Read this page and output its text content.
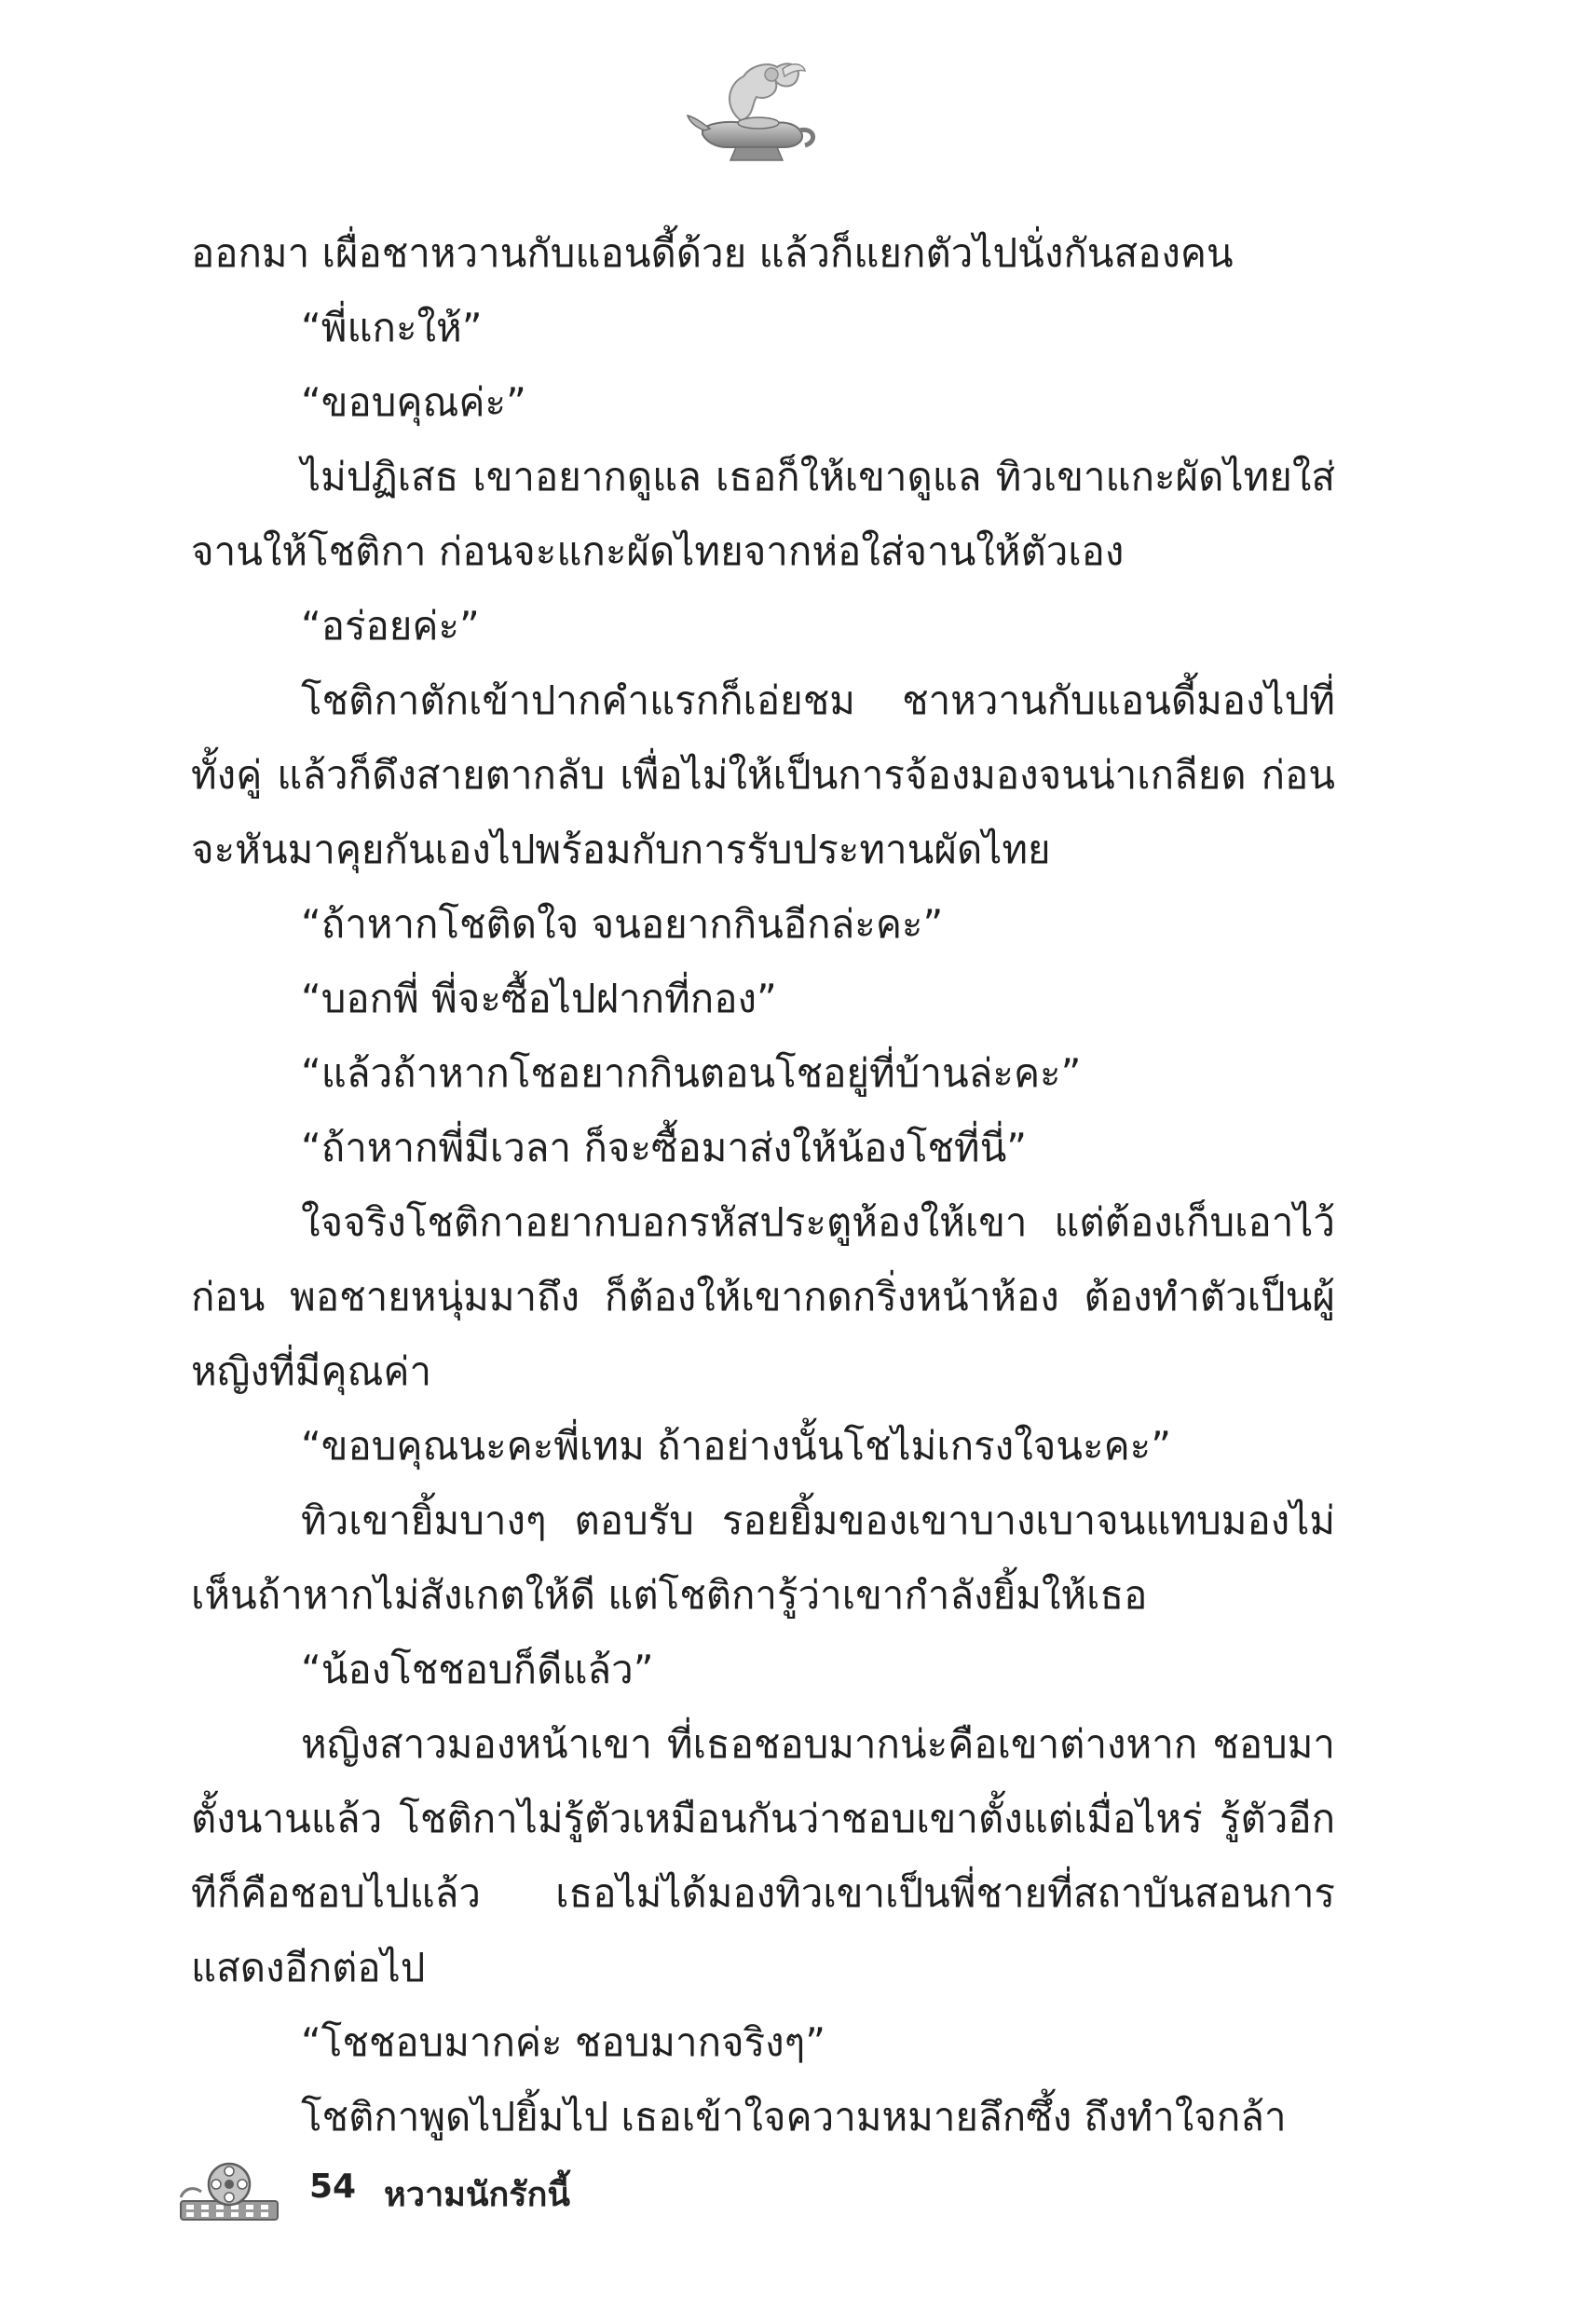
ออกมา เผื่อชาหวานกับแอนดี้ด้วย แล้วก็แยกตัวไปนั่งกันสองคน

“พี่แกะให้”

“ขอบคุณค่ะ”

ไม่ปฏิเสธ เขาอยากดูแล เธอก็ให้เขาดูแล ทิวเขาแกะผัดไทยใส่จานให้โชติกา ก่อนจะแกะผัดไทยจากห่อใส่จานให้ตัวเอง

“อร่อยค่ะ”

โชติกาตักเข้าปากคำแรกก็เอ่ยชม ชาหวานกับแอนดี้มองไปที่ทั้งคู่ แล้วก็ดึงสายตากลับ เพื่อไม่ให้เป็นการจ้องมองจนน่าเกลียด ก่อนจะหันมาคุยกันเองไปพร้อมกับการรับประทานผัดไทย

“ถ้าหากโชติดใจ จนอยากกินอีกล่ะคะ”

“บอกพี่ พี่จะซื้อไปฝากที่กอง”

“แล้วถ้าหากโชอยากกินตอนโชอยู่ที่บ้านล่ะคะ”

“ถ้าหากพี่มีเวลา ก็จะซื้อมาส่งให้น้องโชที่นี่”

ใจจริงโชติกาอยากบอกรหัสประตูห้องให้เขา แต่ต้องเก็บเอาไว้ก่อน พอชายหนุ่มมาถึง ก็ต้องให้เขากดกริ่งหน้าห้อง ต้องทำตัวเป็นผู้หญิงที่มีคุณค่า

“ขอบคุณนะคะพี่เทม ถ้าอย่างนั้นโชไม่เกรงใจนะคะ”

ทิวเขายิ้มบางๆ ตอบรับ รอยยิ้มของเขาบางเบาจนแทบมองไม่เห็นถ้าหากไม่สังเกตให้ดี แต่โชติการู้ว่าเขากำลังยิ้มให้เธอ

“น้องโชชอบก็ดีแล้ว”

หญิงสาวมองหน้าเขา ที่เธอชอบมากน่ะคือเขาต่างหาก ชอบมาตั้งนานแล้ว โชติกาไม่รู้ตัวเหมือนกันว่าชอบเขาตั้งแต่เมื่อไหร่ รู้ตัวอีกทีก็คือชอบไปแล้ว เธอไม่ได้มองทิวเขาเป็นพี่ชายที่สถาบันสอนการแสดงอีกต่อไป

“โชชอบมากค่ะ ชอบมากจริงๆ”

โชติกาพูดไปยิ้มไป เธอเข้าใจความหมายลึกซึ้ง ถึงทำใจกล้า

54 หวามนักรักนี้
